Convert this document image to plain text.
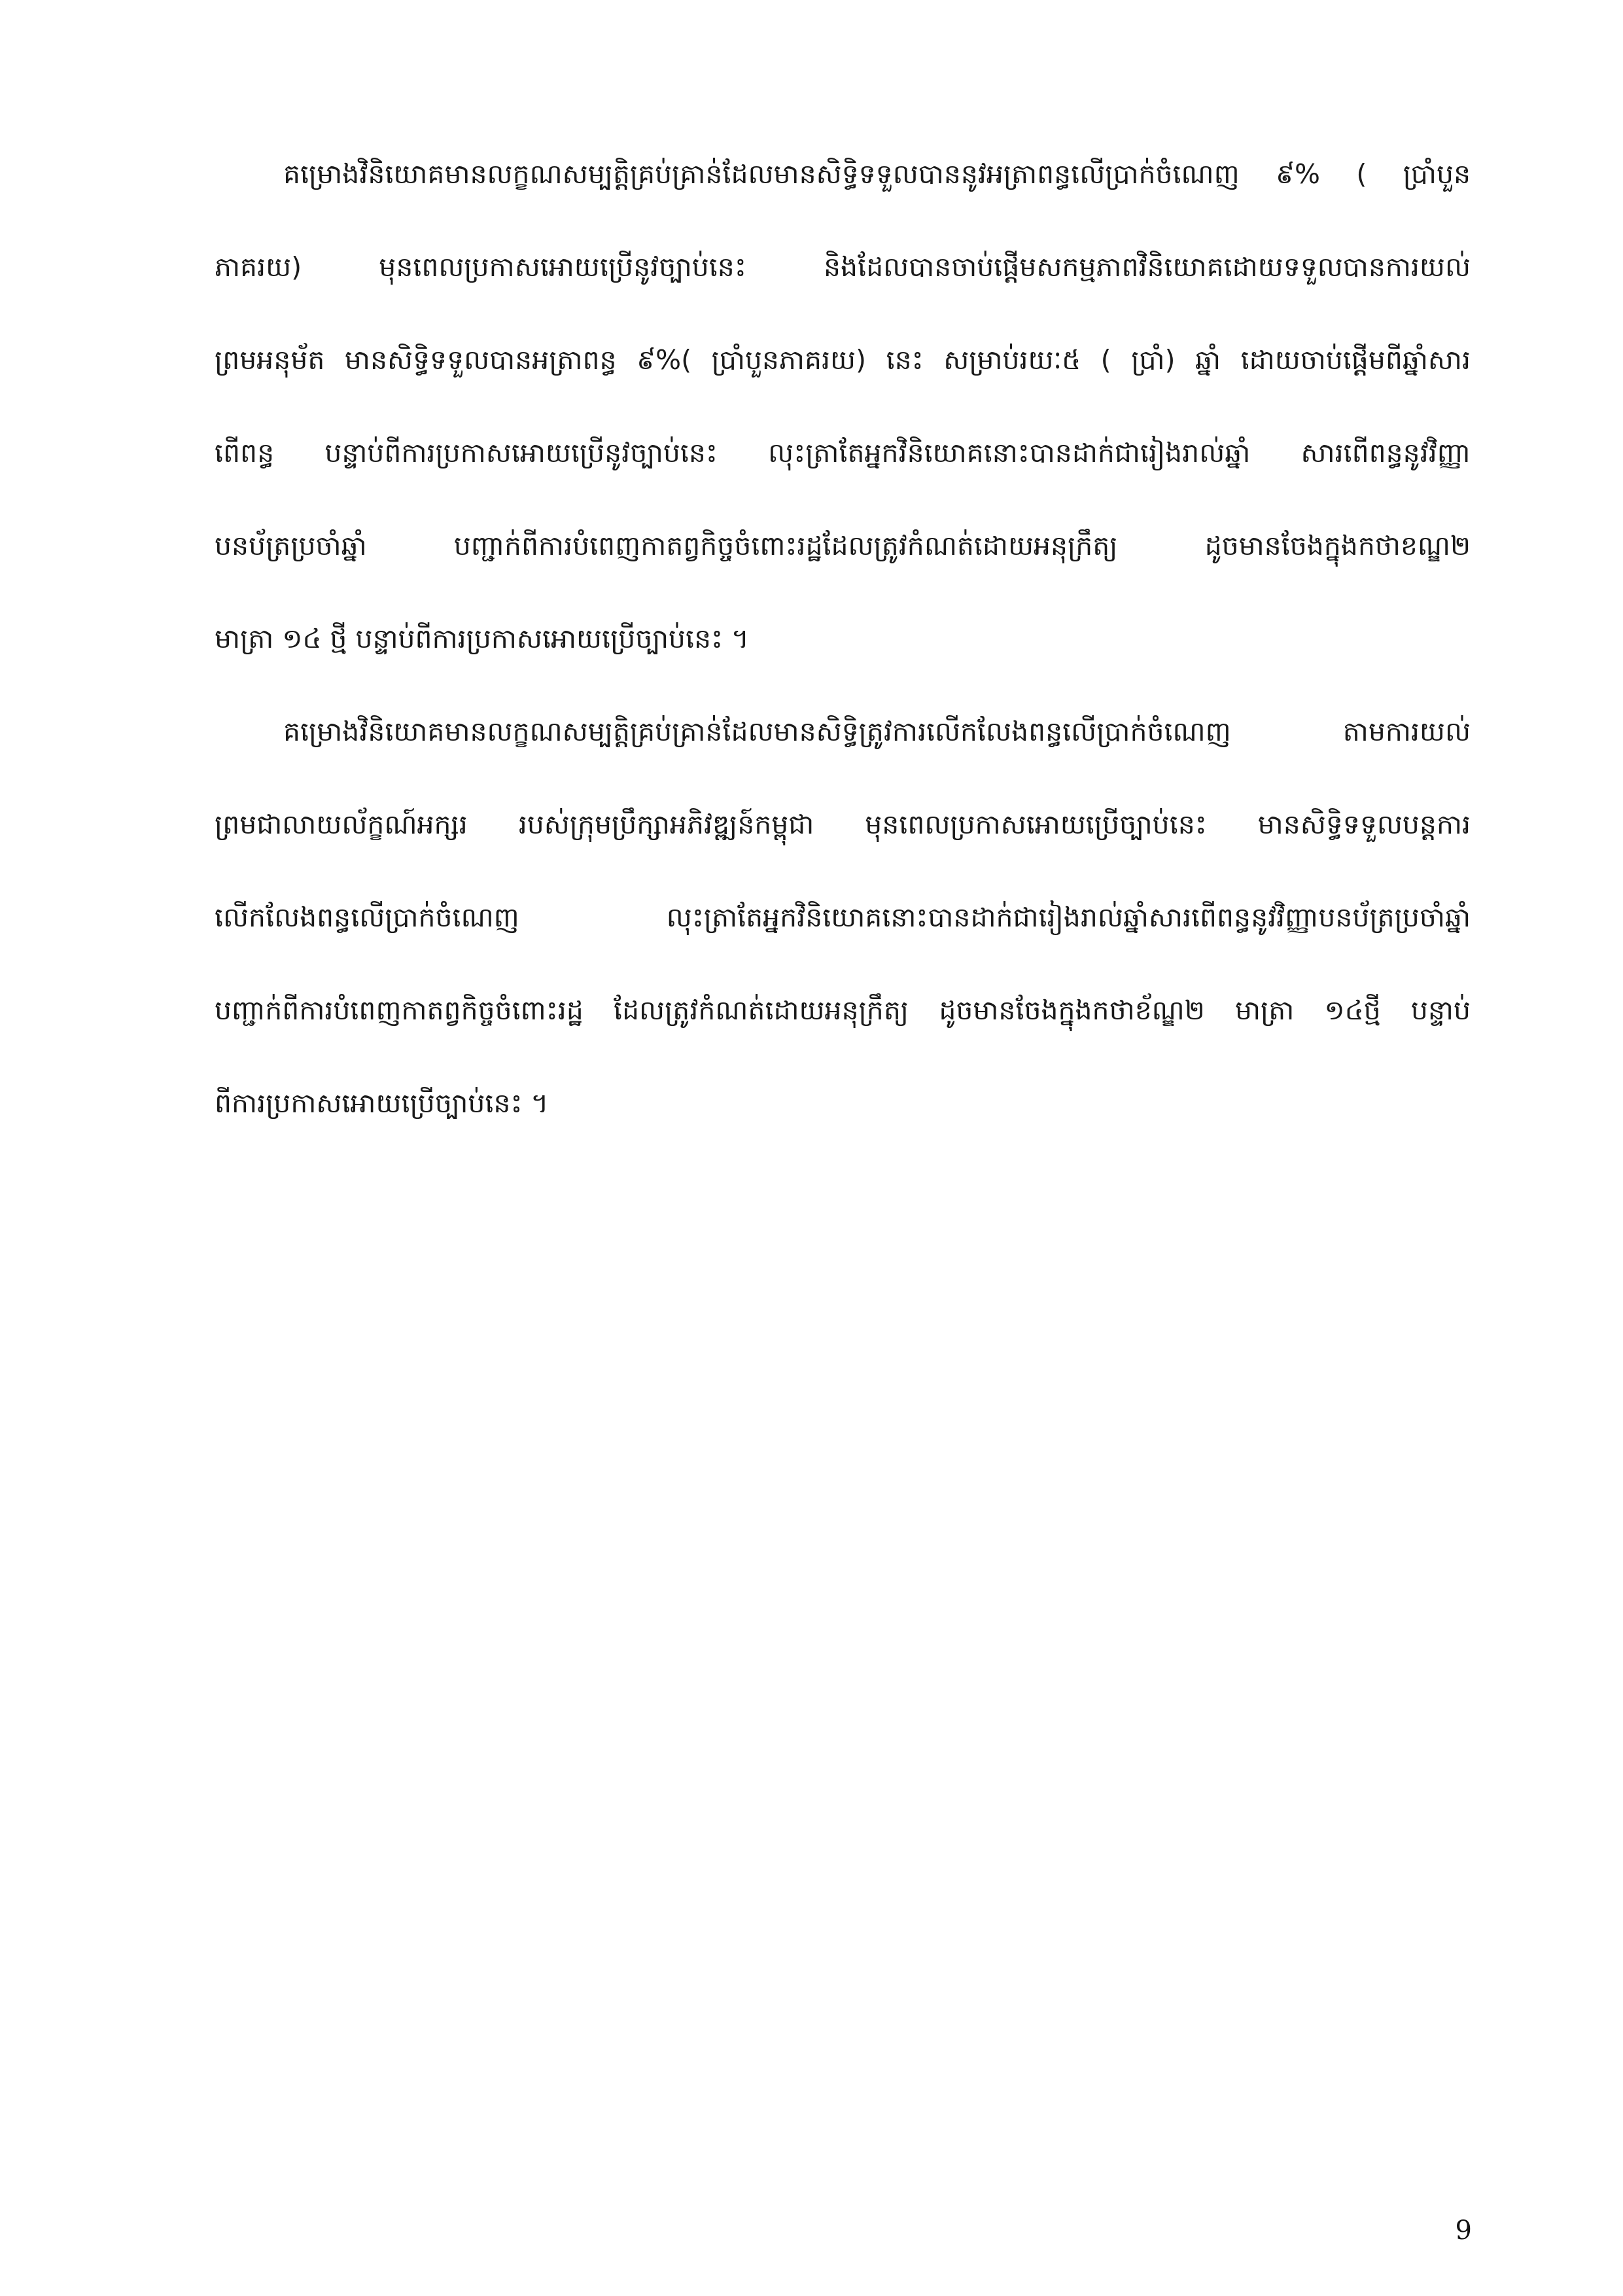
គម្រោងវិនិយោគមានលក្ខណសម្បត្តិគ្រប់គ្រាន់ដែលមានសិទ្ធិទទួលបាននូវអត្រាពន្ធលើប្រាក់ចំណេញ ៩% ( ប្រាំបួន
ភាគរយ) មុនពេលប្រកាសអោយប្រើនូវច្បាប់នេះ និងដែលបានចាប់ផ្តើមសកម្មភាពវិនិយោគដោយទទួលបានការយល់
ព្រមអនុម័ត មានសិទ្ធិទទួលបានអត្រាពន្ធ ៩%( ប្រាំបួនភាគរយ) នេះ សម្រាប់រយៈ៥ ( ប្រាំ) ឆ្នាំ ដោយចាប់ផ្តើមពីឆ្នាំសារ
ពើពន្ធ បន្ទាប់ពីការប្រកាសអោយប្រើនូវច្បាប់នេះ លុះត្រាតែអ្នកវិនិយោគនោះបានដាក់ជារៀងរាល់ឆ្នាំ សារពើពន្ធនូវវិញ្ញា
បនប័ត្រប្រចាំឆ្នាំ បញ្ជាក់ពីការបំពេញកាតព្វកិច្ចចំពោះរដ្ឋដែលត្រូវកំណត់ដោយអនុក្រឹត្យ ដូចមានចែងក្នុងកថាខណ្ឌ២
មាត្រា ១៤ ថ្មី បន្ទាប់ពីការប្រកាសអោយប្រើច្បាប់នេះ ។
គម្រោងវិនិយោគមានលក្ខណសម្បត្តិគ្រប់គ្រាន់ដែលមានសិទ្ធិត្រូវការលើកលែងពន្ធលើប្រាក់ចំណេញ តាមការយល់
ព្រមជាលាយល័ក្ខណ៍អក្សរ របស់ក្រុមប្រឹក្សាអភិវឌ្ឍន៍កម្ពុជា មុនពេលប្រកាសអោយប្រើច្បាប់នេះ មានសិទ្ធិទទួលបន្តការ
លើកលែងពន្ធលើប្រាក់ចំណេញ លុះត្រាតែអ្នកវិនិយោគនោះបានដាក់ជារៀងរាល់ឆ្នាំសារពើពន្ធនូវវិញ្ញាបនប័ត្រប្រចាំឆ្នាំ
បញ្ជាក់ពីការបំពេញកាតព្វកិច្ចចំពោះរដ្ឋ ដែលត្រូវកំណត់ដោយអនុក្រឹត្យ ដូចមានចែងក្នុងកថាខ័ណ្ឌ២ មាត្រា ១៤ថ្មី បន្ទាប់
ពីការប្រកាសអោយប្រើច្បាប់នេះ ។
9
